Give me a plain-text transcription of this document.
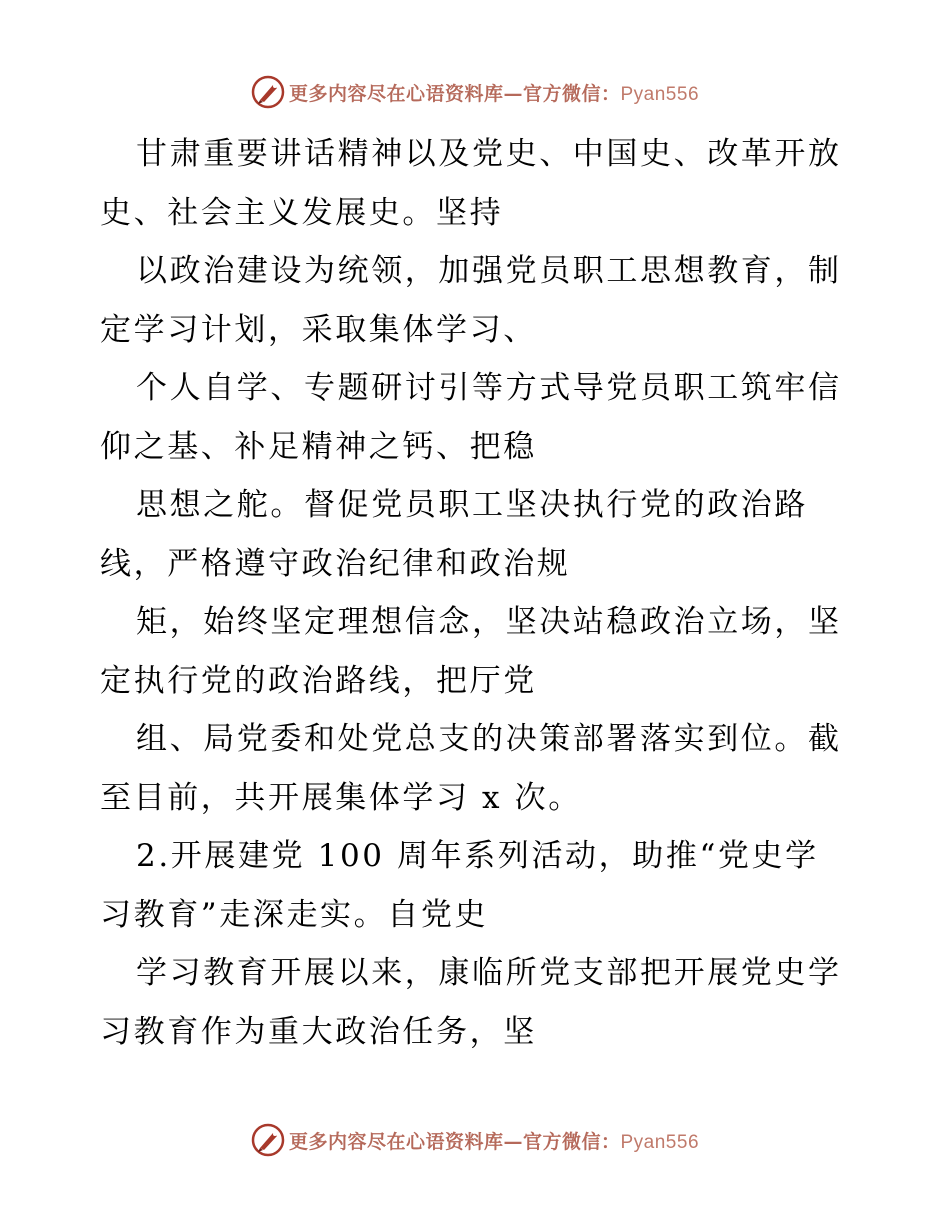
更多内容尽在心语资料库—官方微信：Pyan556
甘肃重要讲话精神以及党史、中国史、改革开放
史、社会主义发展史。坚持
以政治建设为统领，加强党员职工思想教育，制
定学习计划，采取集体学习、
个人自学、专题研讨引等方式导党员职工筑牢信
仰之基、补足精神之钙、把稳
思想之舵。督促党员职工坚决执行党的政治路
线，严格遵守政治纪律和政治规
矩，始终坚定理想信念，坚决站稳政治立场，坚
定执行党的政治路线，把厅党
组、局党委和处党总支的决策部署落实到位。截
至目前，共开展集体学习 x 次。
2.开展建党 100 周年系列活动，助推“党史学
习教育”走深走实。自党史
学习教育开展以来，康临所党支部把开展党史学
习教育作为重大政治任务，坚
更多内容尽在心语资料库—官方微信：Pyan556
